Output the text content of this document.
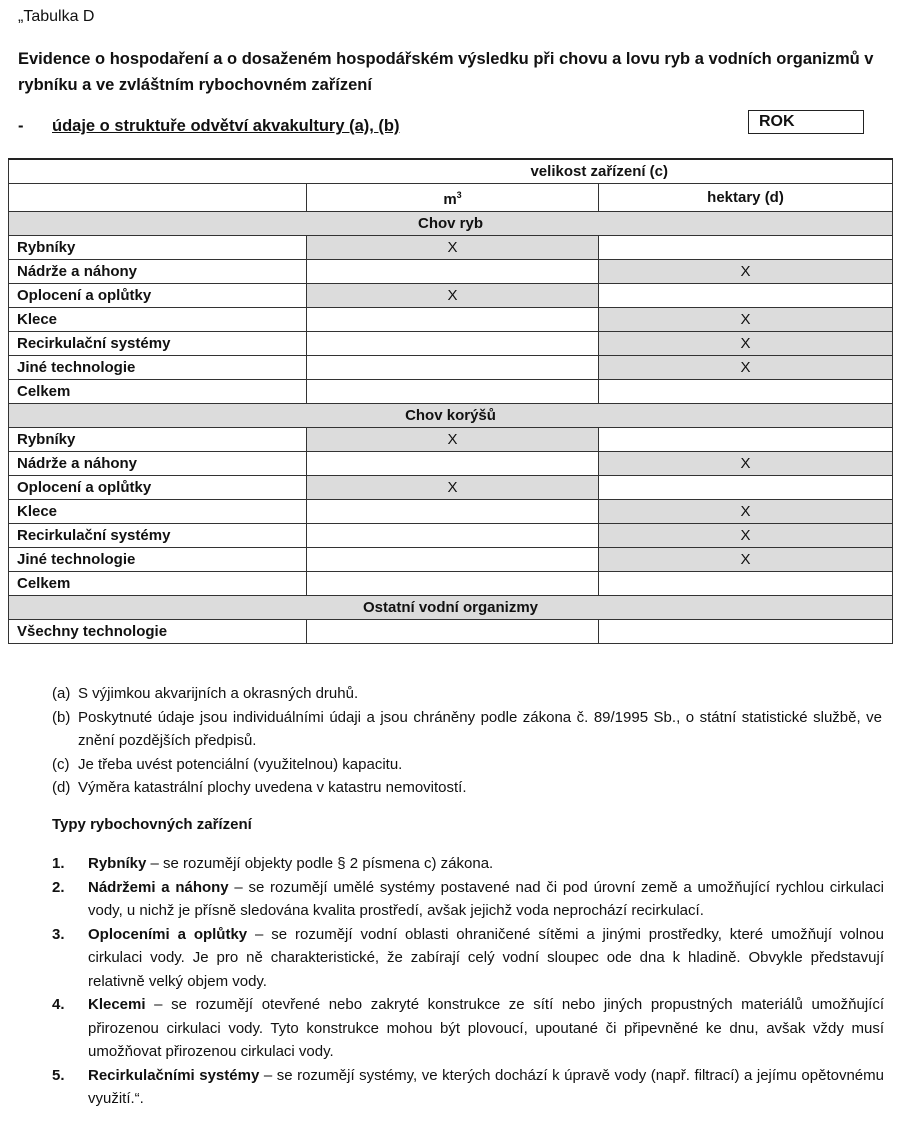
„Tabulka D
Evidence o hospodaření a o dosaženém hospodářském výsledku při chovu a lovu ryb a vodních organizmů v rybníku a ve zvláštním rybochovném zařízení
- údaje o struktuře odvětví akvakultury (a), (b)	ROK
	velikost zařízení (c)	
	$m^3$	hektary (d)
Chov ryb		
Rybníky	X	
Nádrže a náhony		X
Oplocení a oplůtky	X	
Klece		X
Recirkulační systémy		X
Jiné technologie		X
Celkem		
Chov korýšů		
Rybníky	X	
Nádrže a náhony		X
Oplocení a oplůtky	X	
Klece		X
Recirkulační systémy		X
Jiné technologie		X
Celkem		
Ostatní vodní organizmy		
Všechny technologie		
(a) S výjimkou akvarijních a okrasných druhů.
(b) Poskytnuté údaje jsou individuálními údaji a jsou chráněny podle zákona č. 89/1995 Sb., o státní statistické službě, ve znění pozdějších předpisů.
(c) Je třeba uvést potenciální (využitelnou) kapacitu.
(d) Výměra katastrální plochy uvedena v katastru nemovitostí.
Typy rybochovných zařízení
1.	Rybníky – se rozumějí objekty podle § 2 písmena c) zákona.
2.	Nádržemi a náhony – se rozumějí umělé systémy postavené nad či pod úrovní země a umožňující rychlou cirkulaci vody, u nichž je přísně sledována kvalita prostředí, avšak jejichž voda neprochází recirkulací.
3.	Oploceními a oplůtky – se rozumějí vodní oblasti ohraničené sítěmi a jinými prostředky, které umožňují volnou cirkulaci vody. Je pro ně charakteristické, že zabírají celý vodní sloupec ode dna k hladině. Obvykle představují relativně velký objem vody.
4.	Klecemi – se rozumějí otevřené nebo zakryté konstrukce ze sítí nebo jiných propustných materiálů umožňující přirozenou cirkulaci vody. Tyto konstrukce mohou být plovoucí, upoutané či připevněné ke dnu, avšak vždy musí umožňovat přirozenou cirkulaci vody.
5.	Recirkulačními systémy – se rozumějí systémy, ve kterých dochází k úpravě vody (např. filtrací) a jejímu opětovnému využití.“.
